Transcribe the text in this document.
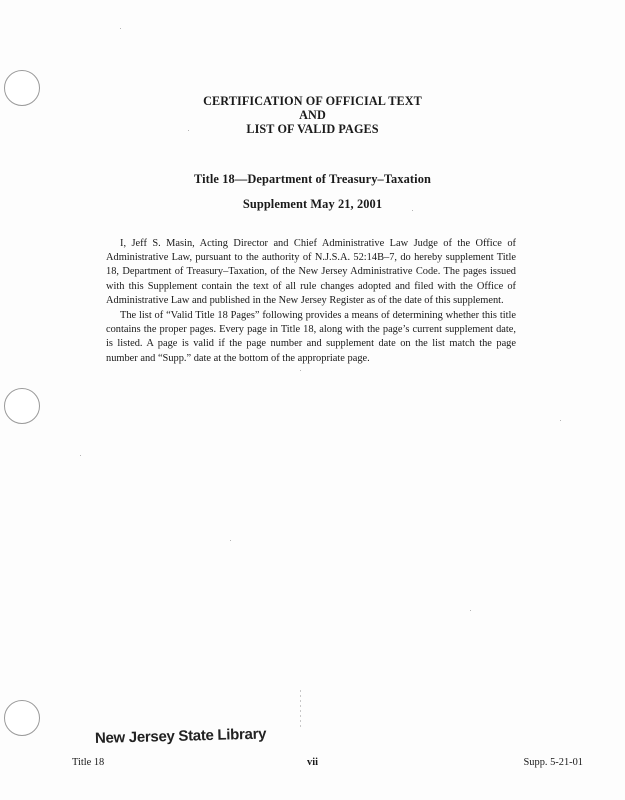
CERTIFICATION OF OFFICIAL TEXT
AND
LIST OF VALID PAGES
Title 18—Department of Treasury–Taxation
Supplement May 21, 2001

I, Jeff S. Masin, Acting Director and Chief Administrative Law Judge of the Office of Administrative Law, pursuant to the authority of N.J.S.A. 52:14B–7, do hereby supplement Title 18, Department of Treasury–Taxation, of the New Jersey Administrative Code. The pages issued with this Supplement contain the text of all rule changes adopted and filed with the Office of Administrative Law and published in the New Jersey Register as of the date of this supplement.

The list of “Valid Title 18 Pages” following provides a means of determining whether this title contains the proper pages. Every page in Title 18, along with the page’s current supplement date, is listed. A page is valid if the page number and supplement date on the list match the page number and “Supp.” date at the bottom of the appropriate page.

New Jersey State Library
Title 18	vii	Supp. 5-21-01
